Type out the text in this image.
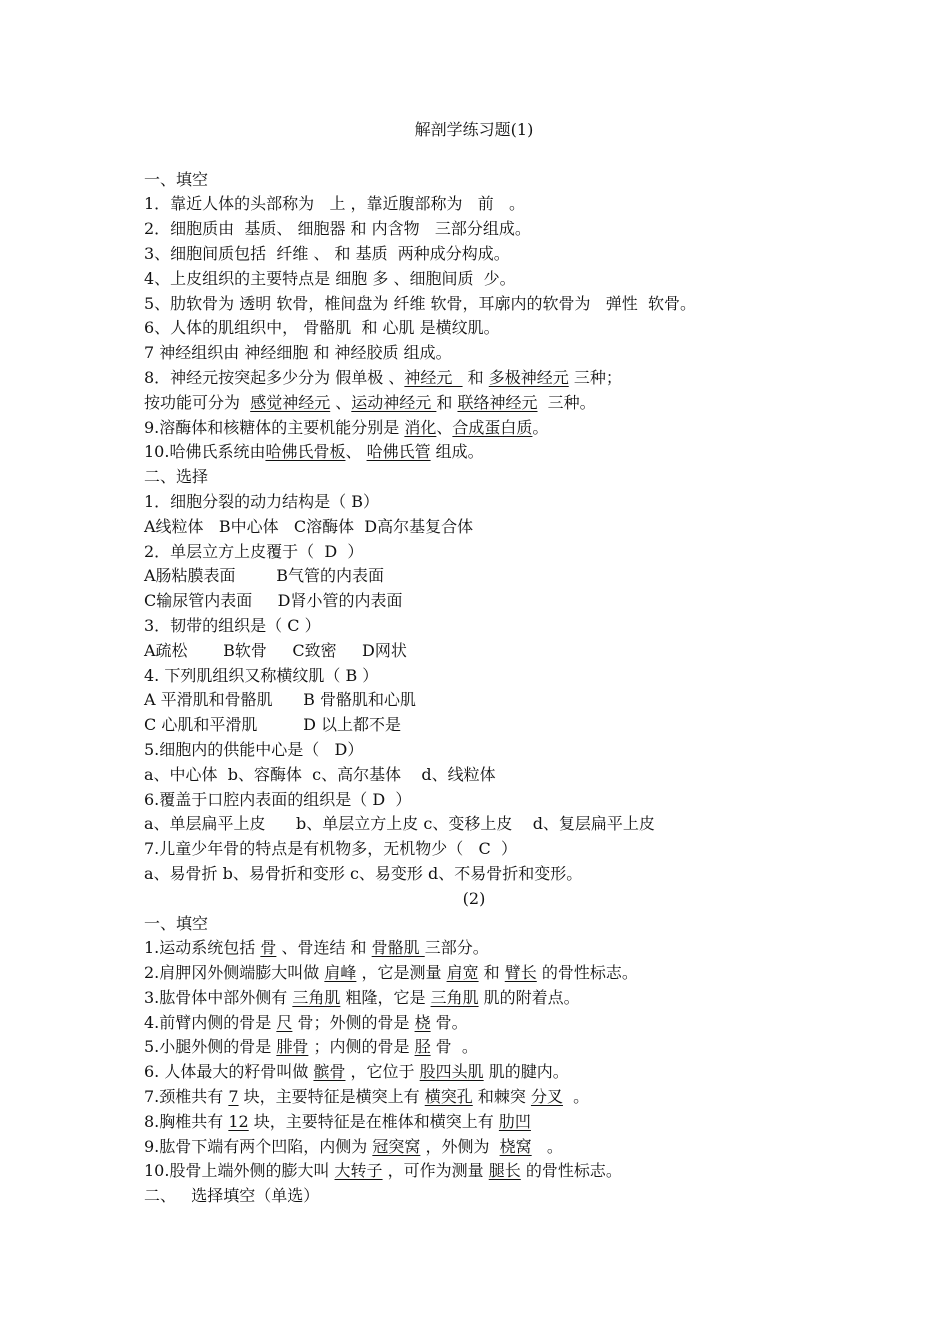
解剖学练习题(1)
一、填空
1．靠近人体的头部称为   上 ，靠近腹部称为   前   。
2．细胞质由  基质、 细胞器 和 内含物   三部分组成。
3、细胞间质包括  纤维 、 和 基质  两种成分构成。
4、上皮组织的主要特点是 细胞 多 、细胞间质  少。
5、肋软骨为 透明 软骨，椎间盘为 纤维 软骨，耳廓内的软骨为   弹性  软骨。
6、人体的肌组织中， 骨骼肌  和 心肌 是横纹肌。
7 神经组织由 神经细胞 和 神经胶质 组成。
8．神经元按突起多少分为 假单极 、神经元   和 多极神经元 三种；
按功能可分为  感觉神经元 、运动神经元 和 联络神经元  三种。
9.溶酶体和核糖体的主要机能分别是 消化、合成蛋白质。
10.哈佛氏系统由哈佛氏骨板、 哈佛氏管 组成。
二、选择
1．细胞分裂的动力结构是（ B）
A线粒体   B中心体   C溶酶体  D高尔基复合体
2．单层立方上皮覆于（  D  ）
A肠粘膜表面        B气管的内表面
C输尿管内表面     D肾小管的内表面
3．韧带的组织是（ C ）
A疏松       B软骨     C致密     D网状
4. 下列肌组织又称横纹肌（ B ）
A 平滑肌和骨骼肌      B 骨骼肌和心肌
C 心肌和平滑肌         D 以上都不是
5.细胞内的供能中心是（   D）
a、中心体  b、容酶体  c、高尔基体    d、线粒体
6.覆盖于口腔内表面的组织是（ D  ）
a、单层扁平上皮      b、单层立方上皮 c、变移上皮    d、复层扁平上皮
7.儿童少年骨的特点是有机物多，无机物少（   C  ）
a、易骨折 b、易骨折和变形 c、易变形 d、不易骨折和变形。
(2)
一、填空
1.运动系统包括 骨 、骨连结 和 骨骼肌 三部分。
2.肩胛冈外侧端膨大叫做 肩峰 ，它是测量 肩宽 和 臂长 的骨性标志。
3.肱骨体中部外侧有 三角肌 粗隆，它是 三角肌 肌的附着点。
4.前臂内侧的骨是 尺 骨；外侧的骨是 桡 骨。
5.小腿外侧的骨是 腓骨 ；内侧的骨是 胫 骨  。
6. 人体最大的籽骨叫做 髌骨 ，它位于 股四头肌 肌的腱内。
7.颈椎共有 7 块，主要特征是横突上有 横突孔 和棘突 分叉  。
8.胸椎共有 12 块，主要特征是在椎体和横突上有 肋凹
9.肱骨下端有两个凹陷，内侧为 冠突窝 ，外侧为  桡窝   。
10.股骨上端外侧的膨大叫 大转子 ，可作为测量 腿长 的骨性标志。
二、   选择填空（单选）
